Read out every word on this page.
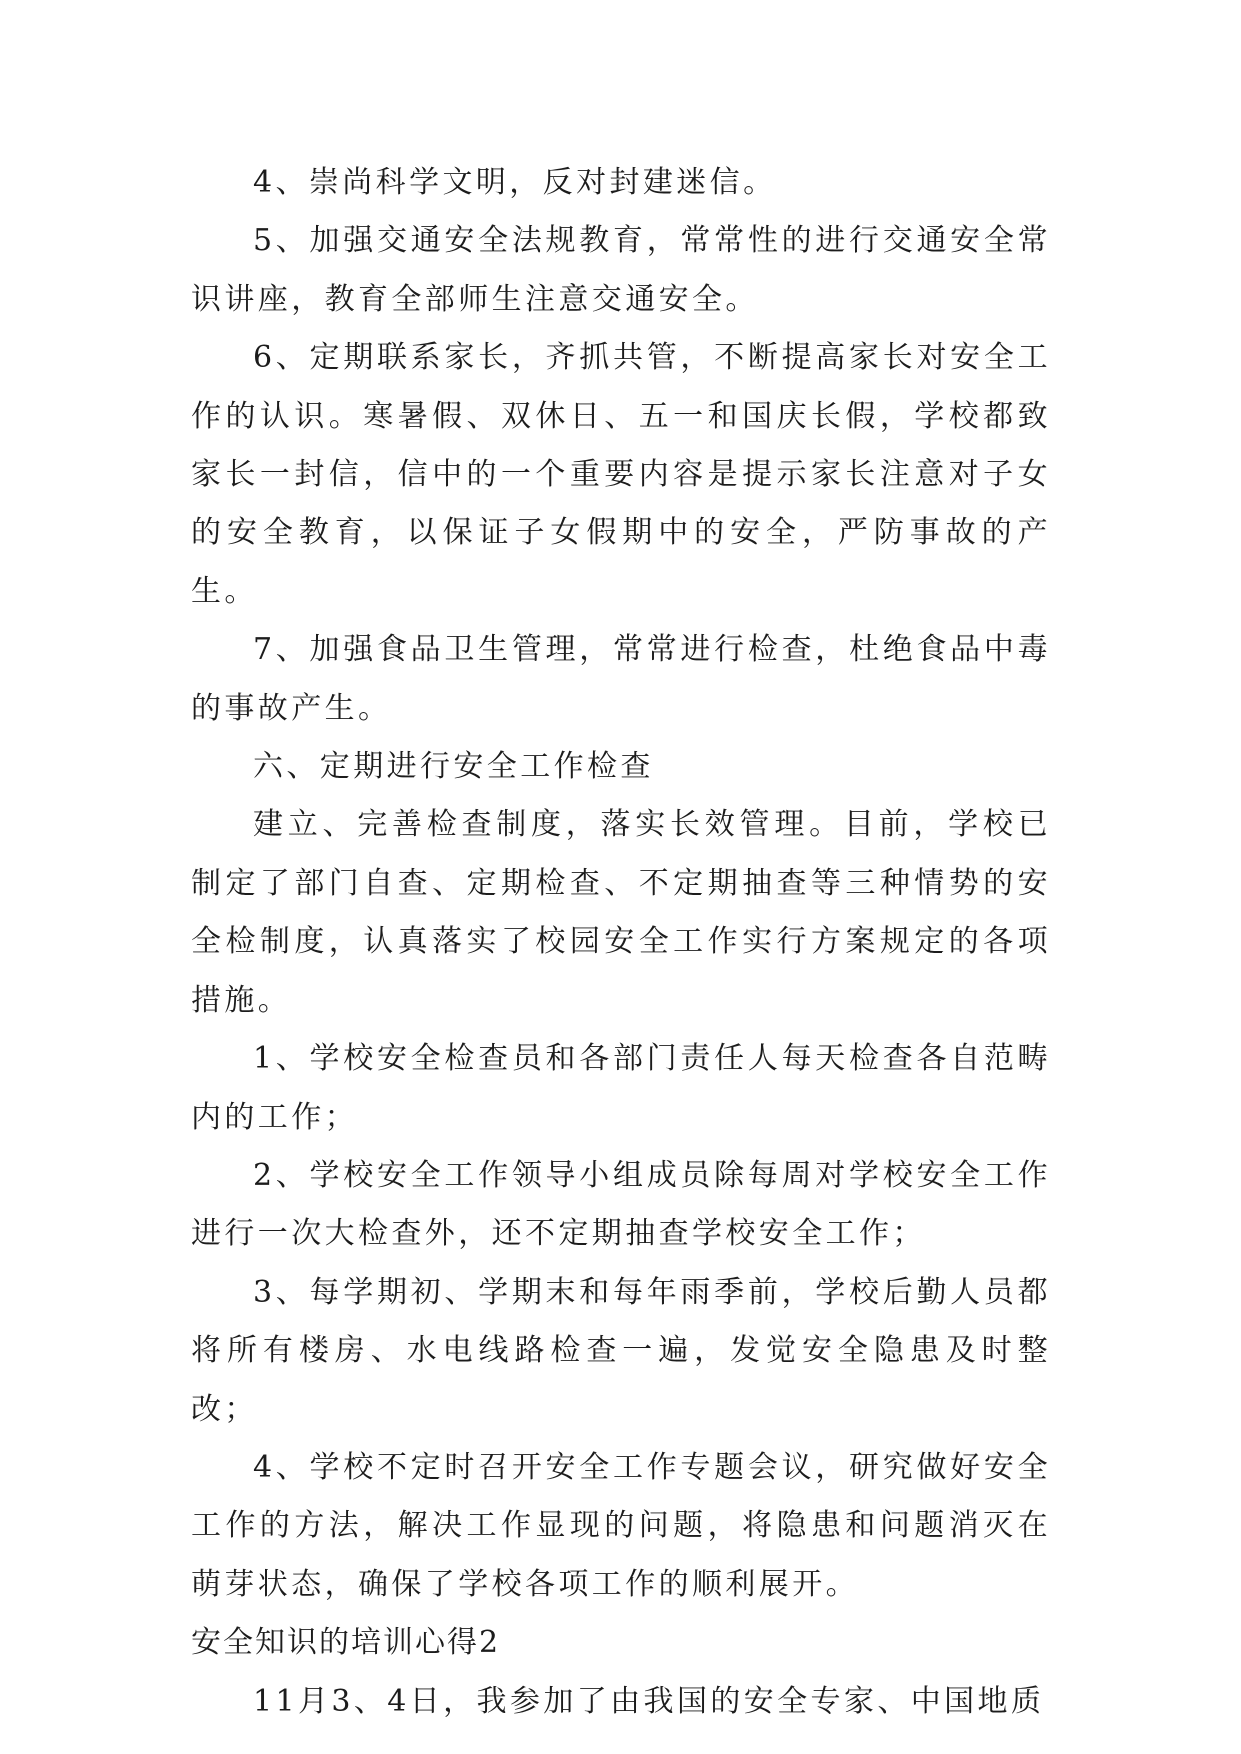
4、崇尚科学文明，反对封建迷信。

5、加强交通安全法规教育，常常性的进行交通安全常识讲座，教育全部师生注意交通安全。

6、定期联系家长，齐抓共管，不断提高家长对安全工作的认识。寒暑假、双休日、五一和国庆长假，学校都致家长一封信，信中的一个重要内容是提示家长注意对子女的安全教育，以保证子女假期中的安全，严防事故的产生。

7、加强食品卫生管理，常常进行检查，杜绝食品中毒的事故产生。

六、定期进行安全工作检查

建立、完善检查制度，落实长效管理。目前，学校已制定了部门自查、定期检查、不定期抽查等三种情势的安全检制度，认真落实了校园安全工作实行方案规定的各项措施。

1、学校安全检查员和各部门责任人每天检查各自范畴内的工作；

2、学校安全工作领导小组成员除每周对学校安全工作进行一次大检查外，还不定期抽查学校安全工作；

3、每学期初、学期末和每年雨季前，学校后勤人员都将所有楼房、水电线路检查一遍，发觉安全隐患及时整改；

4、学校不定时召开安全工作专题会议，研究做好安全工作的方法，解决工作显现的问题，将隐患和问题消灭在萌芽状态，确保了学校各项工作的顺利展开。

安全知识的培训心得2

11月3、4日，我参加了由我国的安全专家、中国地质
